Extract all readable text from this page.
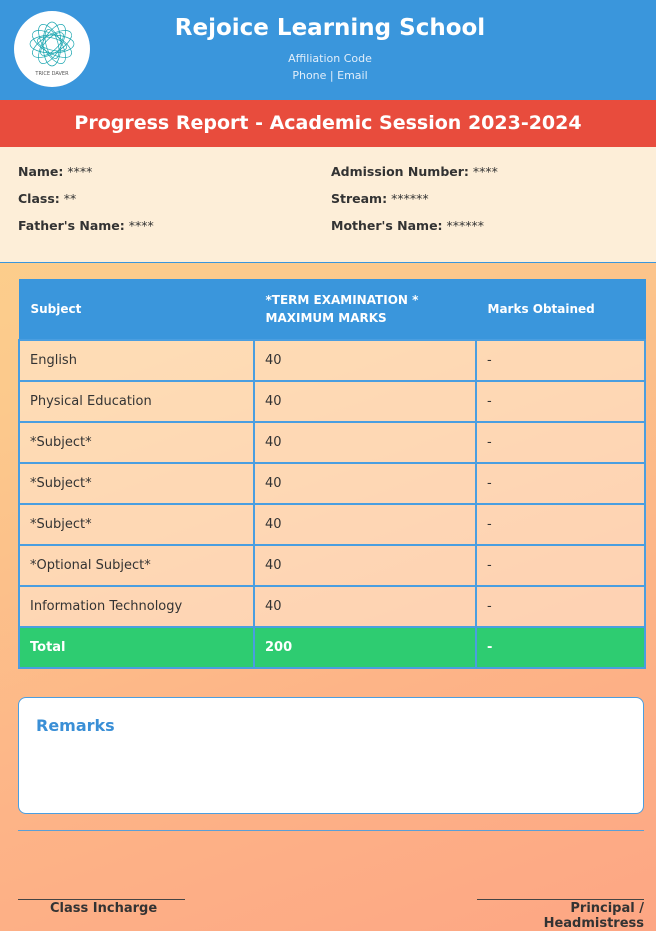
TRICE DAVER
Rejoice Learning School
Affiliation Code
Phone | Email
Progress Report - Academic Session 2023-2024
Name: ****	Admission Number: ****
Class: **	Stream: ******
Father's Name: ****	Mother's Name: ******
Subject	*TERM EXAMINATION * MAXIMUM MARKS	Marks Obtained
English	40	-
Physical Education	40	-
*Subject*	40	-
*Subject*	40	-
*Subject*	40	-
*Optional Subject*	40	-
Information Technology	40	-
Total	200	-
Remarks
Class Incharge	Principal / Headmistress
